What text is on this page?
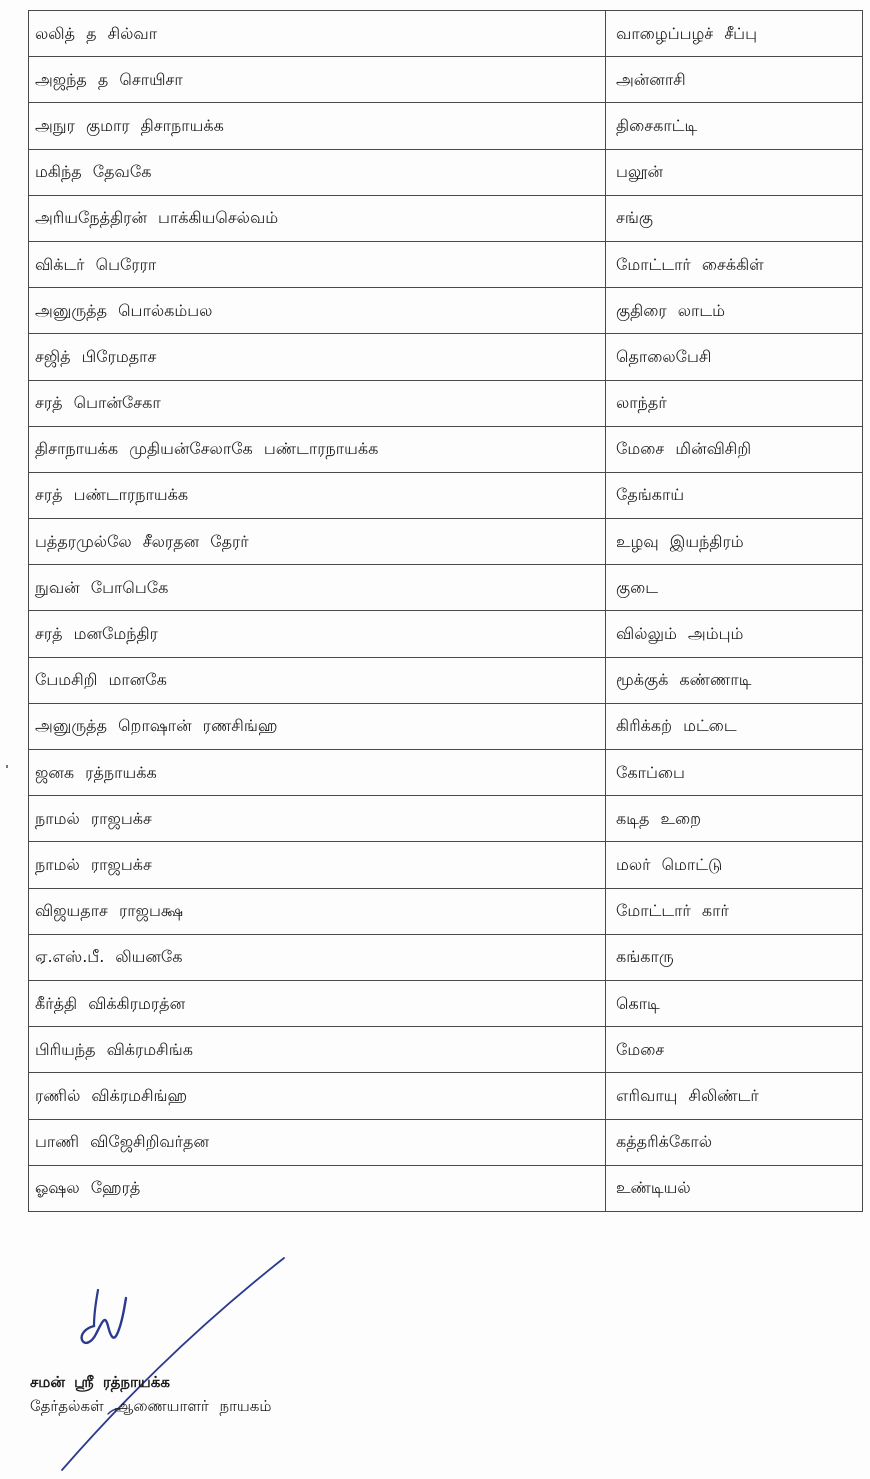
லலித் த சில்வா	வாழைப்பழச் சீப்பு
அஜந்த த சொயிசா	அன்னாசி
அநுர குமார திசாநாயக்க	திசைகாட்டி
மகிந்த தேவகே	பலூன்
அரியநேத்திரன் பாக்கியசெல்வம்	சங்கு
விக்டர் பெரேரா	மோட்டார் சைக்கிள்
அனுருத்த பொல்கம்பல	குதிரை லாடம்
சஜித் பிரேமதாச	தொலைபேசி
சரத் பொன்சேகா	லாந்தர்
திசாநாயக்க முதியன்சேலாகே பண்டாரநாயக்க	மேசை மின்விசிறி
சரத் பண்டாரநாயக்க	தேங்காய்
பத்தரமுல்லே சீலரதன தேரர்	உழவு இயந்திரம்
நுவன் போபெகே	குடை
சரத் மனமேந்திர	வில்லும் அம்பும்
பேமசிறி மானகே	மூக்குக் கண்ணாடி
அனுருத்த றொஷான் ரணசிங்ஹ	கிரிக்கற் மட்டை
ஜனக ரத்நாயக்க	கோப்பை
நாமல் ராஜபக்ச	கடித உறை
நாமல் ராஜபக்ச	மலர் மொட்டு
விஜயதாச ராஜபக்ஷ	மோட்டார் கார்
ஏ.எஸ்.பீ. லியனகே	கங்காரு
கீர்த்தி விக்கிரமரத்ன	கொடி
பிரியந்த விக்ரமசிங்க	மேசை
ரணில் விக்ரமசிங்ஹ	எரிவாயு சிலிண்டர்
பாணி விஜேசிறிவர்தன	கத்தரிக்கோல்
ஓஷல ஹேரத்	உண்டியல்
சமன் ஸ்ரீ ரத்நாயக்க
தேர்தல்கள் ஆணையாளர் நாயகம்
